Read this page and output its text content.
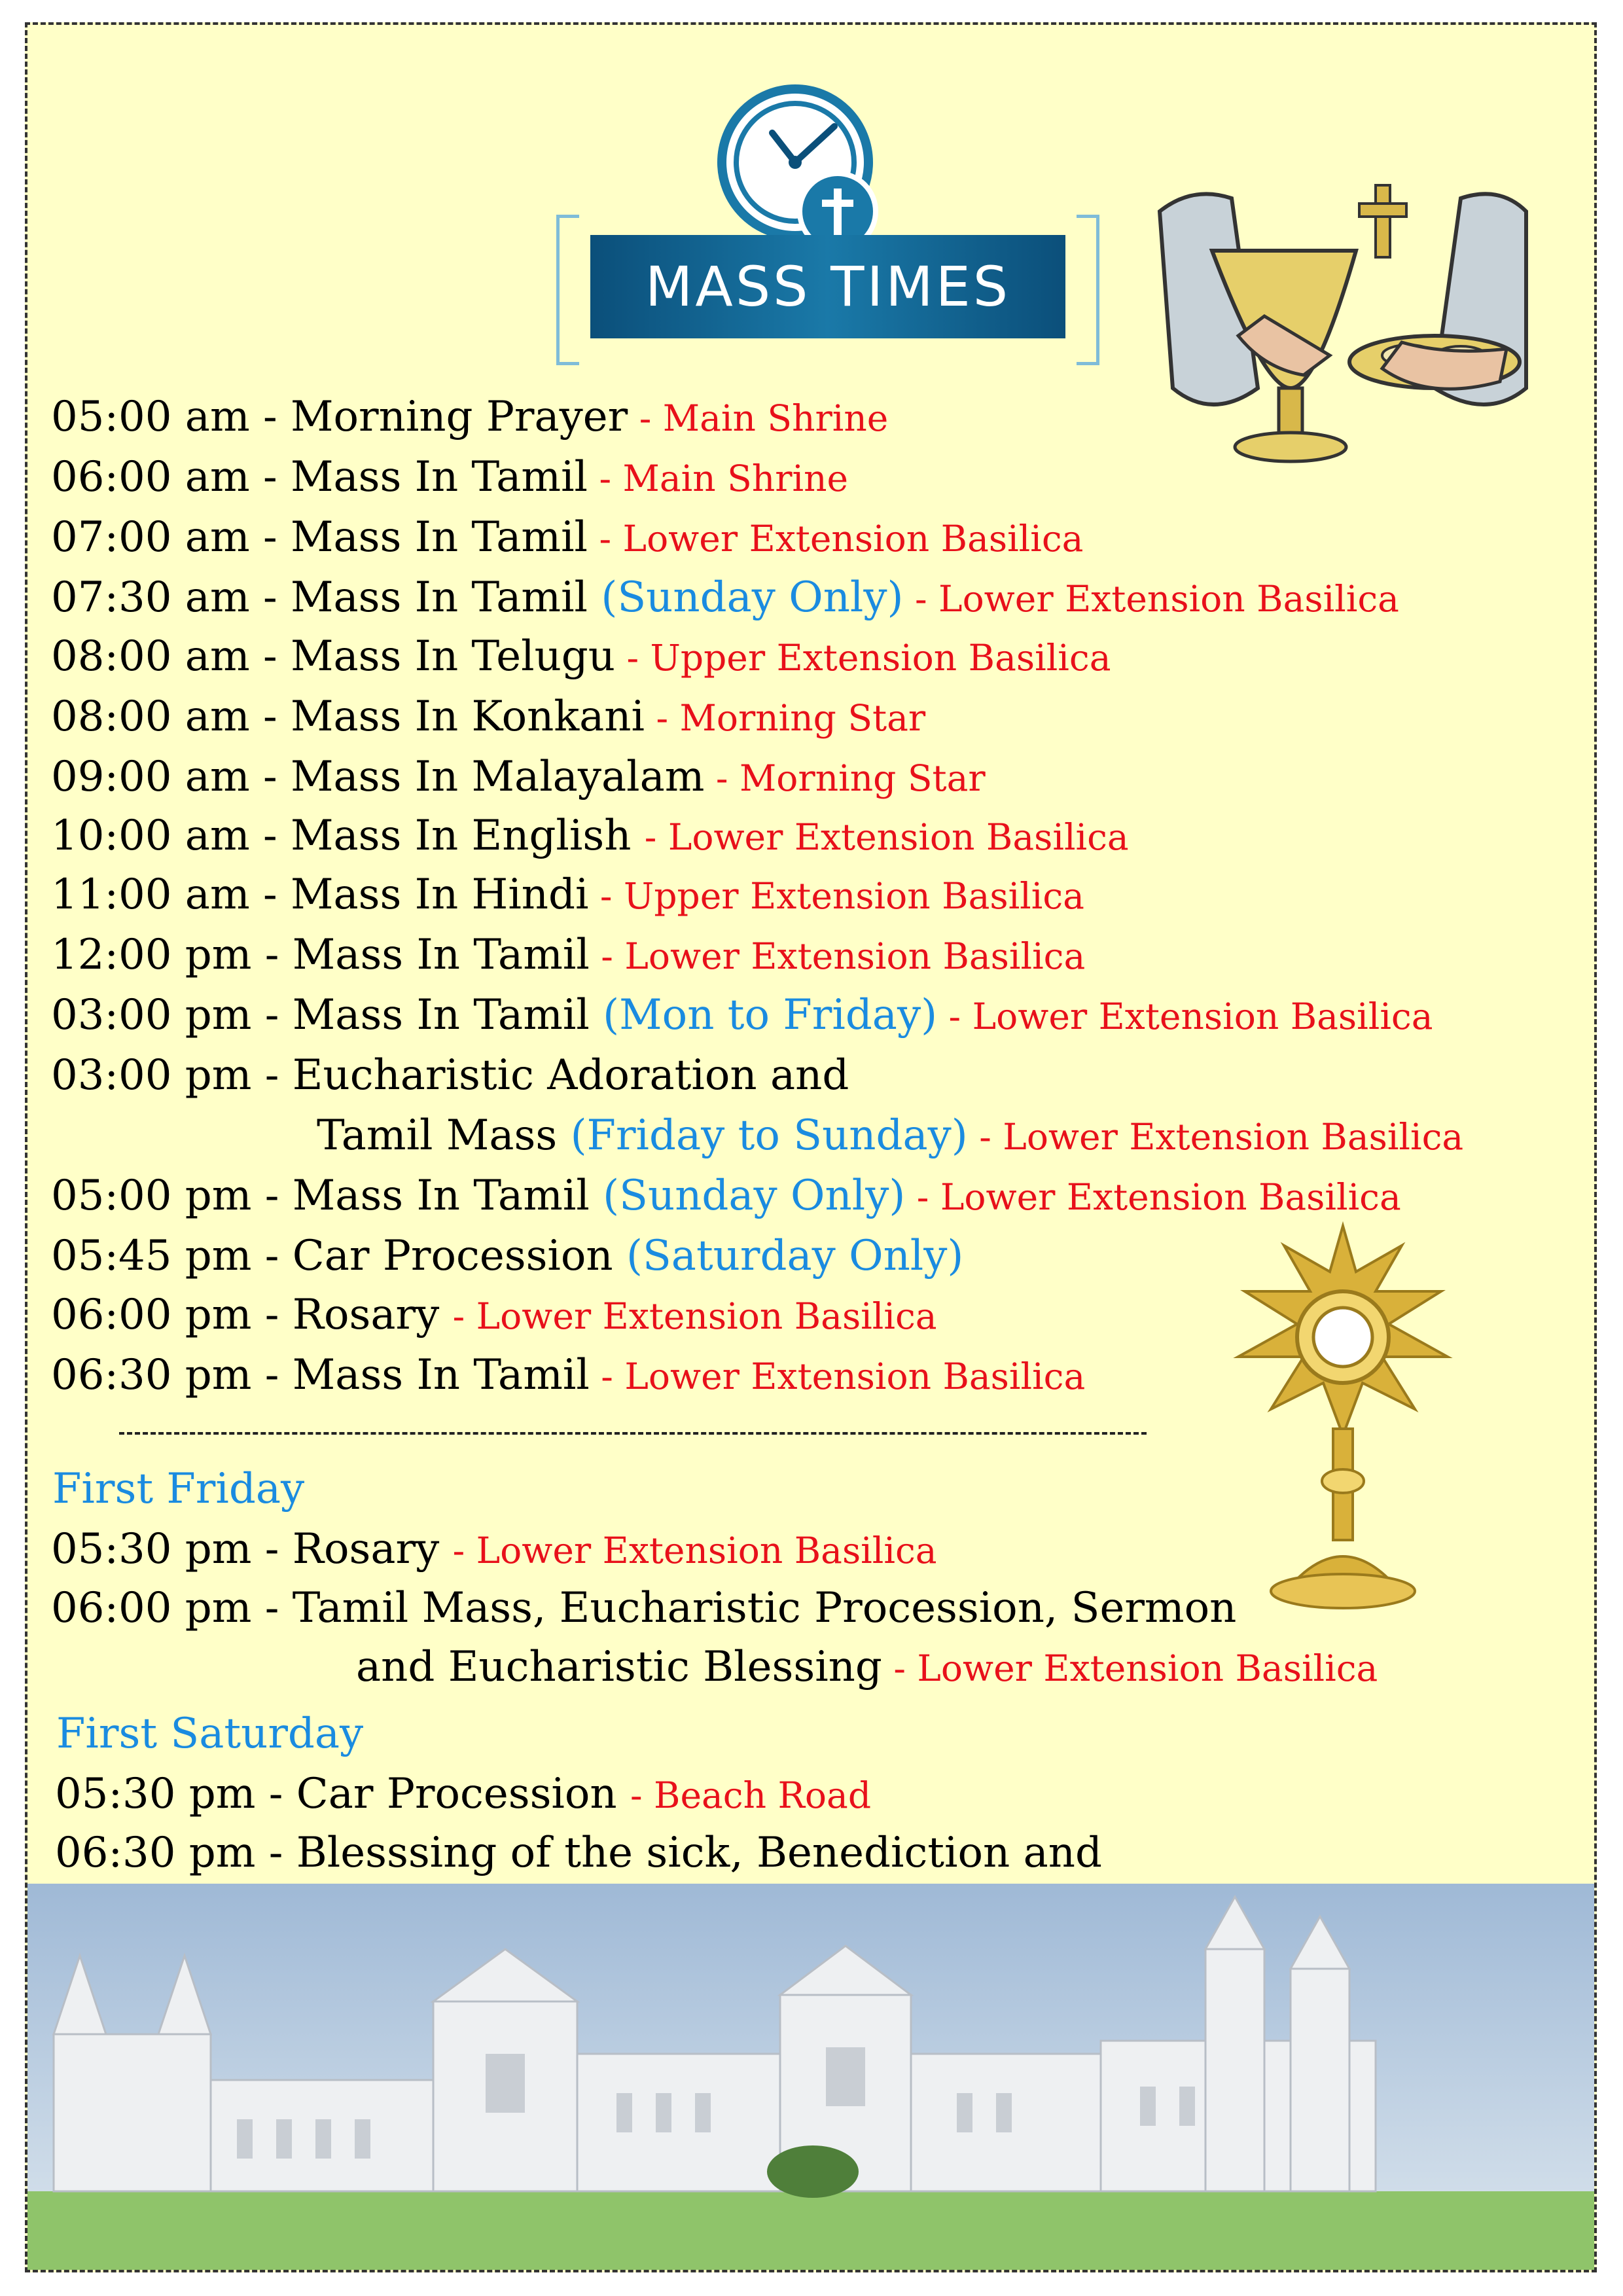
MASS TIMES
05:00 am - Morning Prayer - Main Shrine
06:00 am - Mass In Tamil - Main Shrine
07:00 am - Mass In Tamil - Lower Extension Basilica
07:30 am - Mass In Tamil (Sunday Only) - Lower Extension Basilica
08:00 am - Mass In Telugu - Upper Extension Basilica
08:00 am - Mass In Konkani - Morning Star
09:00 am - Mass In Malayalam - Morning Star
10:00 am - Mass In English - Lower Extension Basilica
11:00 am - Mass In Hindi - Upper Extension Basilica
12:00 pm - Mass In Tamil - Lower Extension Basilica
03:00 pm - Mass In Tamil (Mon to Friday) - Lower Extension Basilica
03:00 pm - Eucharistic Adoration and
Tamil Mass (Friday to Sunday) - Lower Extension Basilica
05:00 pm - Mass In Tamil (Sunday Only) - Lower Extension Basilica
05:45 pm - Car Procession (Saturday Only)
06:00 pm - Rosary - Lower Extension Basilica
06:30 pm - Mass In Tamil - Lower Extension Basilica
First Friday
05:30 pm - Rosary - Lower Extension Basilica
06:00 pm - Tamil Mass, Eucharistic Procession, Sermon
and Eucharistic Blessing - Lower Extension Basilica
First Saturday
05:30 pm - Car Procession - Beach Road
06:30 pm - Blesssing of the sick, Benediction and
